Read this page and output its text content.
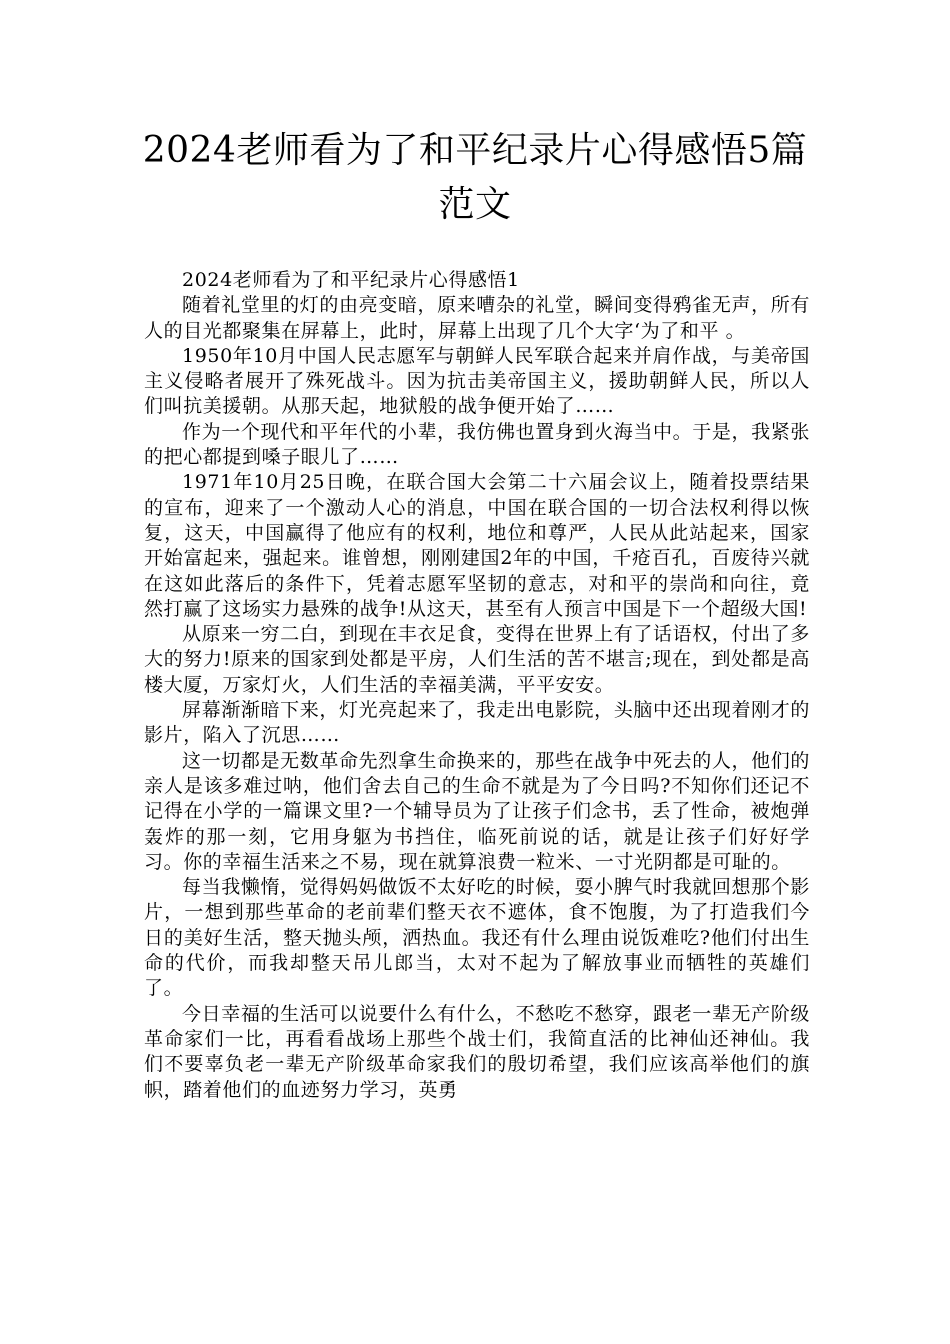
2024老师看为了和平纪录片心得感悟5篇范文

2024老师看为了和平纪录片心得感悟1

随着礼堂里的灯的由亮变暗，原来嘈杂的礼堂，瞬间变得鸦雀无声，所有人的目光都聚集在屏幕上，此时，屏幕上出现了几个大字‘为了和平 。

1950年10月中国人民志愿军与朝鲜人民军联合起来并肩作战，与美帝国主义侵略者展开了殊死战斗。因为抗击美帝国主义，援助朝鲜人民，所以人们叫抗美援朝。从那天起，地狱般的战争便开始了……

作为一个现代和平年代的小辈，我仿佛也置身到火海当中。于是，我紧张的把心都提到嗓子眼儿了……

1971年10月25日晚，在联合国大会第二十六届会议上，随着投票结果的宣布，迎来了一个激动人心的消息，中国在联合国的一切合法权利得以恢复，这天，中国赢得了他应有的权利，地位和尊严，人民从此站起来，国家开始富起来，强起来。谁曾想，刚刚建国2年的中国，千疮百孔，百废待兴就在这如此落后的条件下，凭着志愿军坚韧的意志，对和平的崇尚和向往，竟然打赢了这场实力悬殊的战争!从这天，甚至有人预言中国是下一个超级大国!

从原来一穷二白，到现在丰衣足食，变得在世界上有了话语权，付出了多大的努力!原来的国家到处都是平房，人们生活的苦不堪言;现在，到处都是高楼大厦，万家灯火，人们生活的幸福美满，平平安安。

屏幕渐渐暗下来，灯光亮起来了，我走出电影院，头脑中还出现着刚才的影片，陷入了沉思……

这一切都是无数革命先烈拿生命换来的，那些在战争中死去的人，他们的亲人是该多难过呐，他们舍去自己的生命不就是为了今日吗?不知你们还记不记得在小学的一篇课文里?一个辅导员为了让孩子们念书，丢了性命，被炮弹轰炸的那一刻，它用身躯为书挡住，临死前说的话，就是让孩子们好好学习。你的幸福生活来之不易，现在就算浪费一粒米、一寸光阴都是可耻的。

每当我懒惰，觉得妈妈做饭不太好吃的时候，耍小脾气时我就回想那个影片，一想到那些革命的老前辈们整天衣不遮体，食不饱腹，为了打造我们今日的美好生活，整天抛头颅，洒热血。我还有什么理由说饭难吃?他们付出生命的代价，而我却整天吊儿郎当，太对不起为了解放事业而牺牲的英雄们了。

今日幸福的生活可以说要什么有什么，不愁吃不愁穿，跟老一辈无产阶级革命家们一比，再看看战场上那些个战士们，我简直活的比神仙还神仙。我们不要辜负老一辈无产阶级革命家我们的殷切希望，我们应该高举他们的旗帜，踏着他们的血迹努力学习，英勇
